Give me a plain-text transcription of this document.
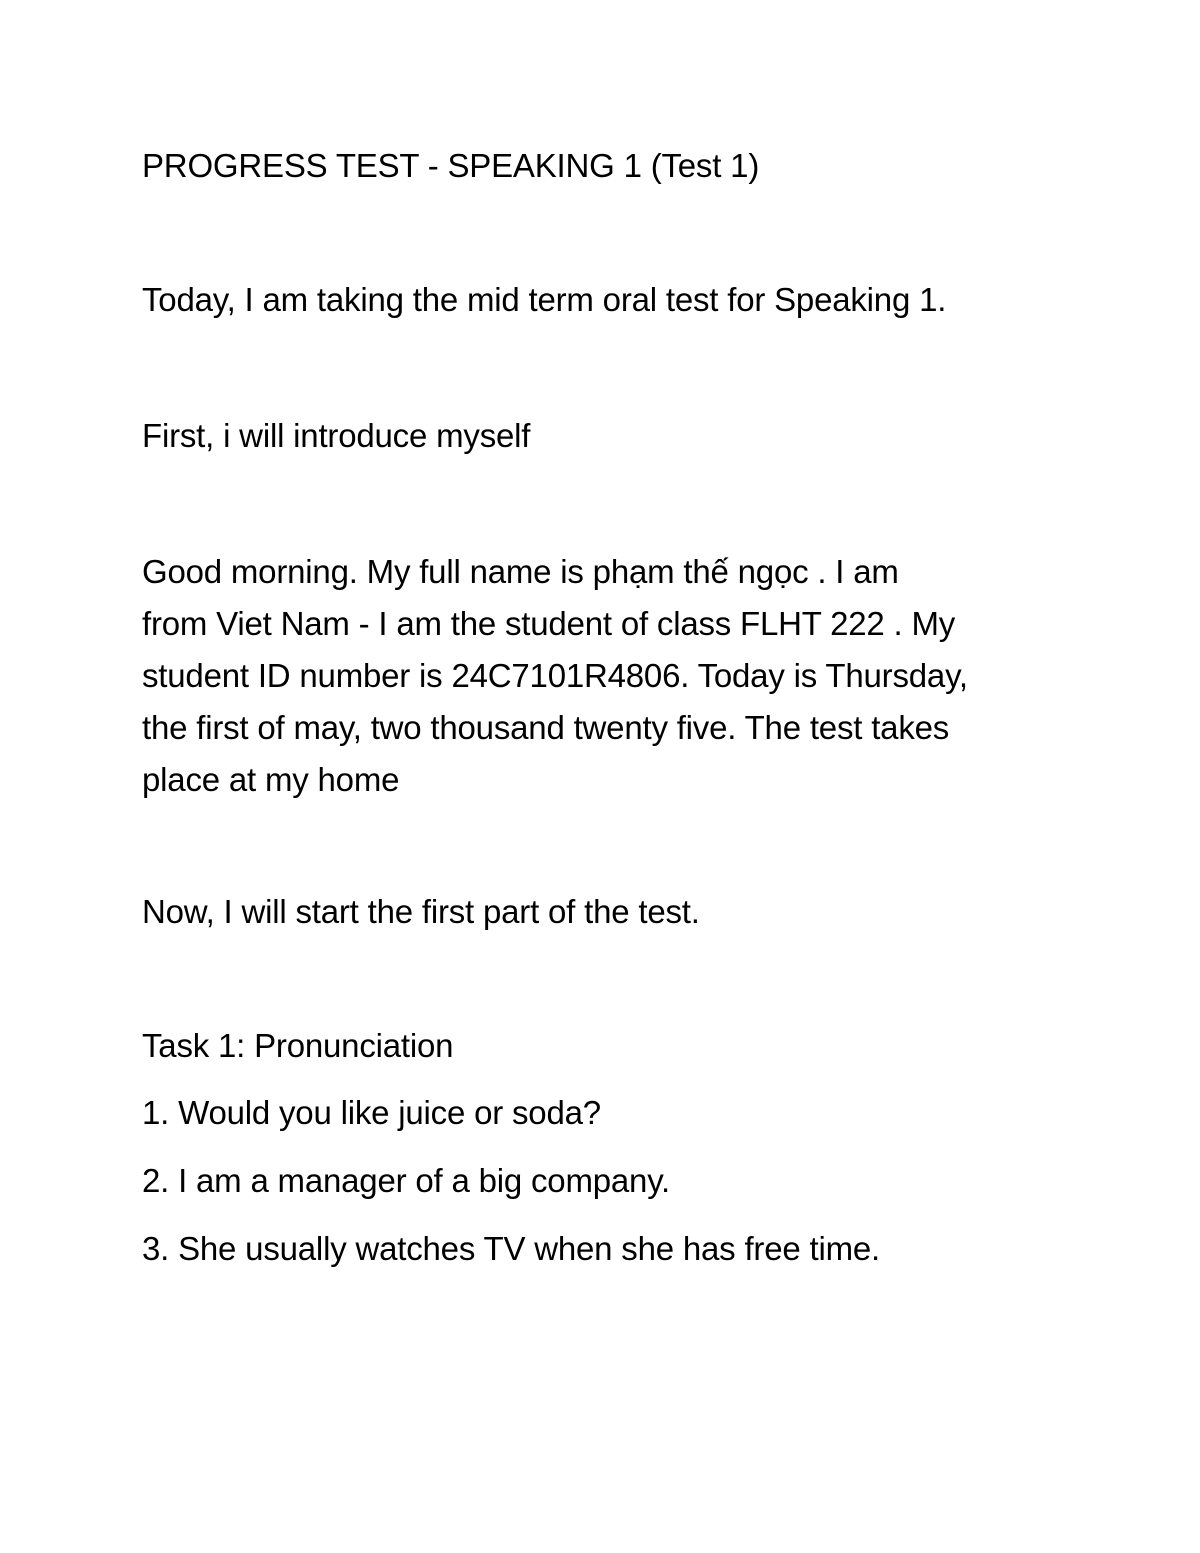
PROGRESS TEST - SPEAKING 1 (Test 1)

Today, I am taking the mid term oral test for Speaking 1.

First, i will introduce myself

Good morning. My full name is phạm thế ngọc . I am
from Viet Nam - I am the student of class FLHT 222 . My
student ID number is 24C7101R4806. Today is Thursday,
the first of may, two thousand twenty five. The test takes
place at my home

Now, I will start the first part of the test.

Task 1: Pronunciation

1. Would you like juice or soda?

2. I am a manager of a big company.

3. She usually watches TV when she has free time.
